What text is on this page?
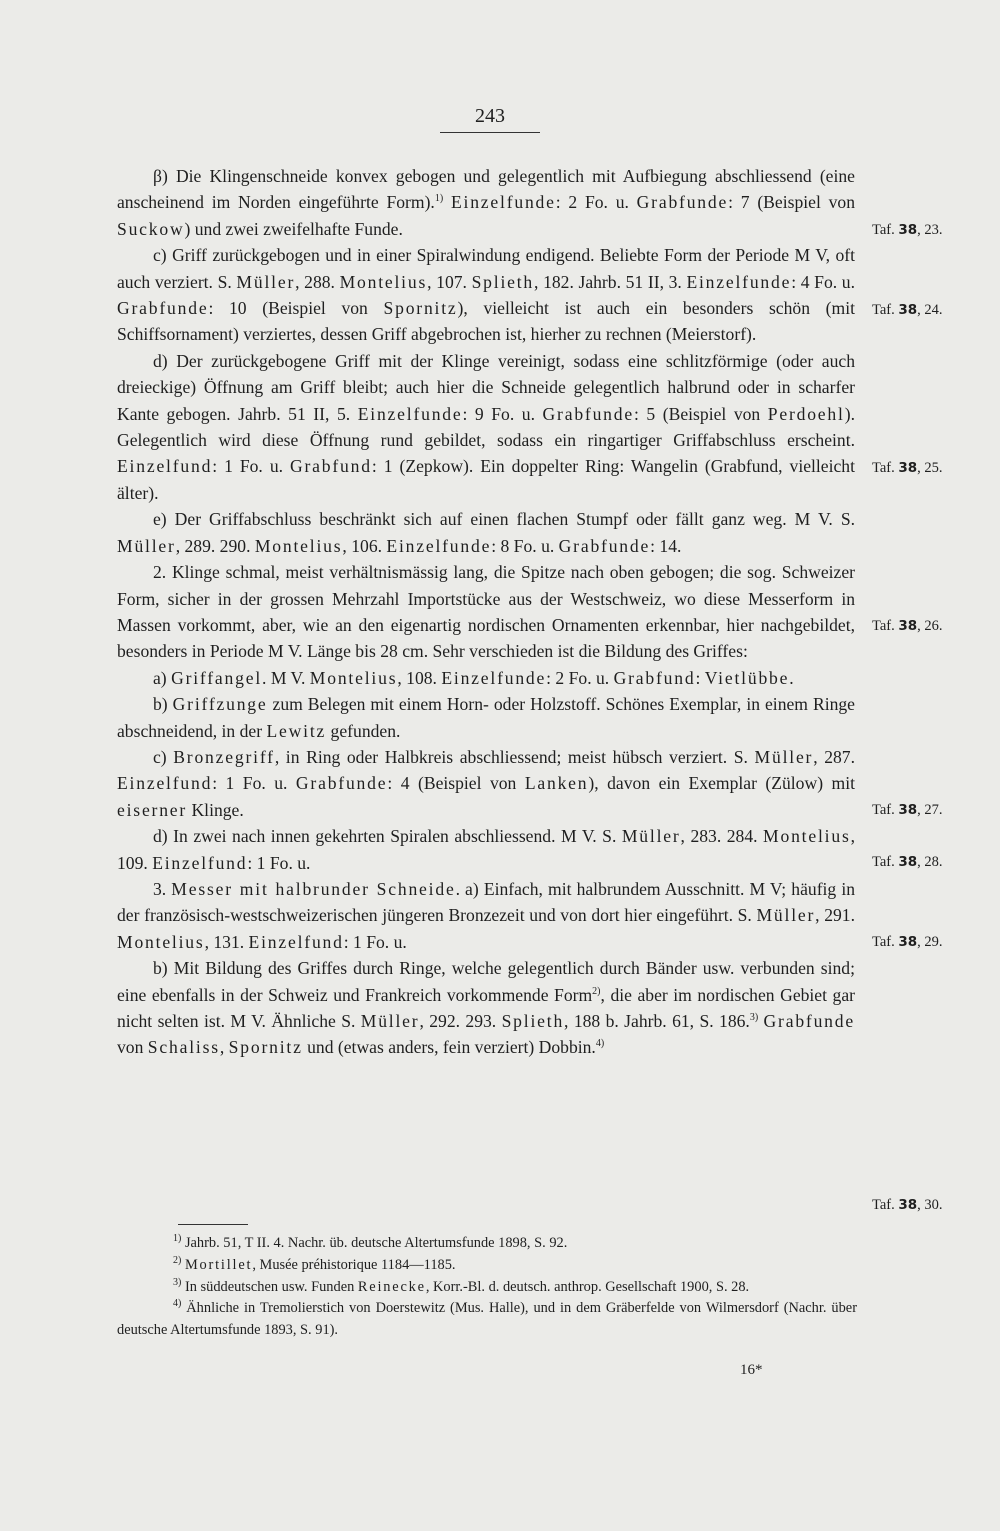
243

β) Die Klingenschneide konvex gebogen und gelegentlich mit Aufbiegung abschliessend (eine anscheinend im Norden eingeführte Form).$^{1)}$ Einzelfunde: 2 Fo. u. Grabfunde: 7 (Beispiel von Suckow) und zwei zweifelhafte Funde.

c) Griff zurückgebogen und in einer Spiralwindung endigend. Beliebte Form der Periode M V, oft auch verziert. S. Müller, 288. Montelius, 107. Splieth, 182. Jahrb. 51 II, 3. Einzelfunde: 4 Fo. u. Grabfunde: 10 (Beispiel von Spornitz), vielleicht ist auch ein besonders schön (mit Schiffsornament) verziertes, dessen Griff abgebrochen ist, hierher zu rechnen (Meierstorf).

d) Der zurückgebogene Griff mit der Klinge vereinigt, sodass eine schlitzförmige (oder auch dreieckige) Öffnung am Griff bleibt; auch hier die Schneide gelegentlich halbrund oder in scharfer Kante gebogen. Jahrb. 51 II, 5. Einzelfunde: 9 Fo. u. Grabfunde: 5 (Beispiel von Perdoehl). Gelegentlich wird diese Öffnung rund gebildet, sodass ein ringartiger Griffabschluss erscheint. Einzelfund: 1 Fo. u. Grabfund: 1 (Zepkow). Ein doppelter Ring: Wangelin (Grabfund, vielleicht älter).

e) Der Griffabschluss beschränkt sich auf einen flachen Stumpf oder fällt ganz weg. M V. S. Müller, 289. 290. Montelius, 106. Einzelfunde: 8 Fo. u. Grabfunde: 14.

2. Klinge schmal, meist verhältnismässig lang, die Spitze nach oben gebogen; die sog. Schweizer Form, sicher in der grossen Mehrzahl Importstücke aus der Westschweiz, wo diese Messerform in Massen vorkommt, aber, wie an den eigenartig nordischen Ornamenten erkennbar, hier nachgebildet, besonders in Periode M V. Länge bis 28 cm. Sehr verschieden ist die Bildung des Griffes:

a) Griffangel. M V. Montelius, 108. Einzelfunde: 2 Fo. u. Grabfund: Vietlübbe.

b) Griffzunge zum Belegen mit einem Horn- oder Holzstoff. Schönes Exemplar, in einem Ringe abschneidend, in der Lewitz gefunden.

c) Bronzegriff, in Ring oder Halbkreis abschliessend; meist hübsch verziert. S. Müller, 287. Einzelfund: 1 Fo. u. Grabfunde: 4 (Beispiel von Lanken), davon ein Exemplar (Zülow) mit eiserner Klinge.

d) In zwei nach innen gekehrten Spiralen abschliessend. M V. S. Müller, 283. 284. Montelius, 109. Einzelfund: 1 Fo. u.

3. Messer mit halbrunder Schneide. a) Einfach, mit halbrundem Ausschnitt. M V; häufig in der französisch-westschweizerischen jüngeren Bronzezeit und von dort hier eingeführt. S. Müller, 291. Montelius, 131. Einzelfund: 1 Fo. u.

b) Mit Bildung des Griffes durch Ringe, welche gelegentlich durch Bänder usw. verbunden sind; eine ebenfalls in der Schweiz und Frankreich vorkommende Form$^{2)}$, die aber im nordischen Gebiet gar nicht selten ist. M V. Ähnliche S. Müller, 292. 293. Splieth, 188 b. Jahrb. 61, S. 186.$^{3)}$ Grabfunde von Schaliss, Spornitz und (etwas anders, fein verziert) Dobbin.$^{4)}$

Taf. 38, 23.
Taf. 38, 24.
Taf. 38, 25.
Taf. 38, 26.
Taf. 38, 27.
Taf. 38, 28.
Taf. 38, 29.
Taf. 38, 30.

$^{1)}$ Jahrb. 51, T II. 4. Nachr. üb. deutsche Altertumsfunde 1898, S. 92.

$^{2)}$ Mortillet, Musée préhistorique 1184—1185.

$^{3)}$ In süddeutschen usw. Funden Reinecke, Korr.-Bl. d. deutsch. anthrop. Gesellschaft 1900, S. 28.

$^{4)}$ Ähnliche in Tremolierstich von Doerstewitz (Mus. Halle), und in dem Gräberfelde von Wilmersdorf (Nachr. über deutsche Altertumsfunde 1893, S. 91).

16*
